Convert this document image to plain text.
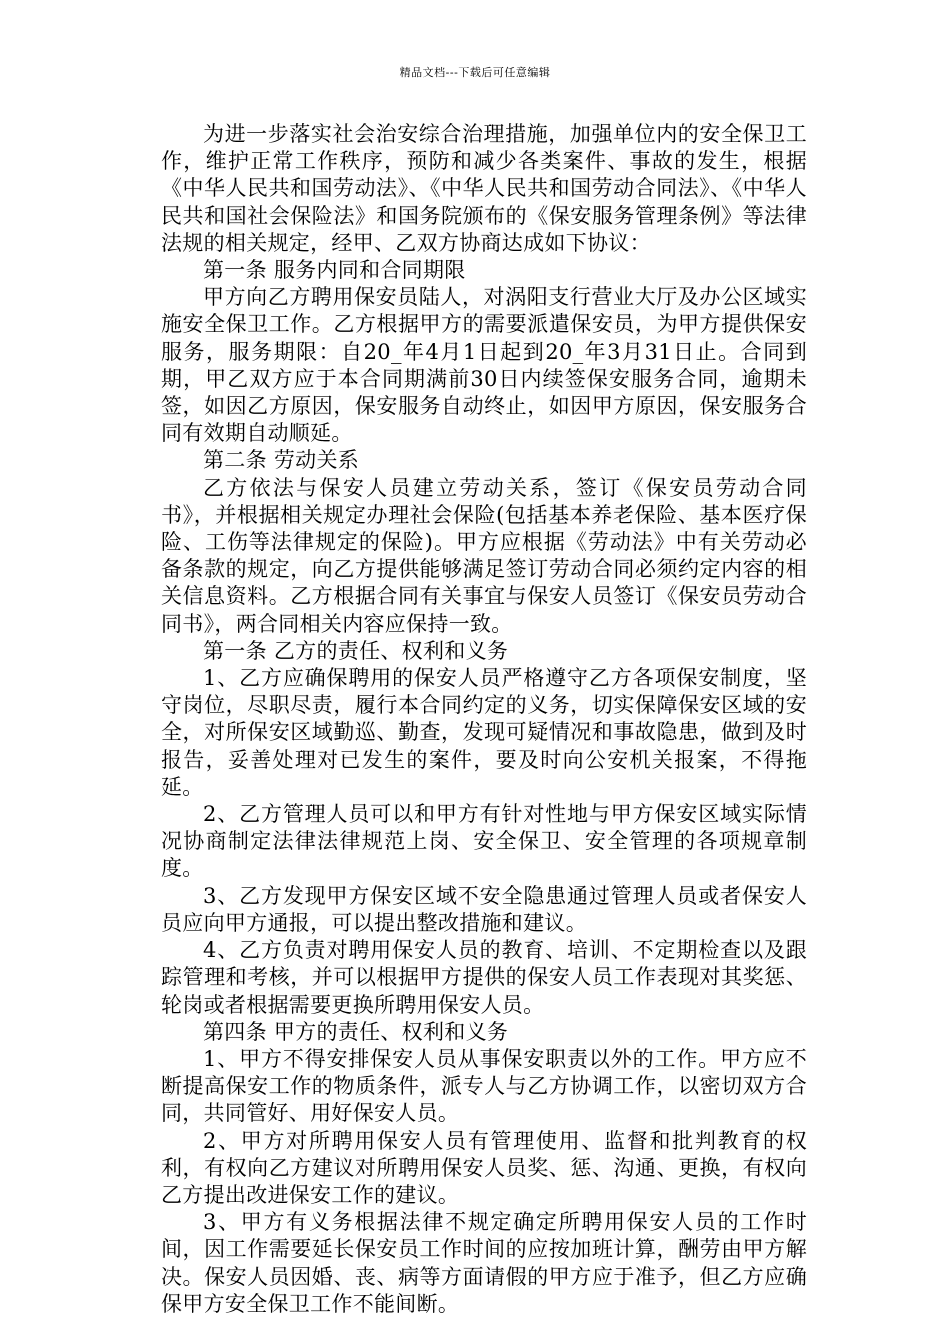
精品文档---下载后可任意编辑

为进一步落实社会治安综合治理措施，加强单位内的安全保卫工作，维护正常工作秩序，预防和减少各类案件、事故的发生，根据《中华人民共和国劳动法》、《中华人民共和国劳动合同法》、《中华人民共和国社会保险法》和国务院颁布的《保安服务管理条例》等法律法规的相关规定，经甲、乙双方协商达成如下协议：

第一条 服务内同和合同期限

甲方向乙方聘用保安员陆人，对涡阳支行营业大厅及办公区域实施安全保卫工作。乙方根据甲方的需要派遣保安员，为甲方提供保安服务，服务期限：自20_年4月1日起到20_年3月31日止。合同到期，甲乙双方应于本合同期满前30日内续签保安服务合同，逾期未签，如因乙方原因，保安服务自动终止，如因甲方原因，保安服务合同有效期自动顺延。

第二条 劳动关系

乙方依法与保安人员建立劳动关系，签订《保安员劳动合同书》，并根据相关规定办理社会保险(包括基本养老保险、基本医疗保险、工伤等法律规定的保险)。甲方应根据《劳动法》中有关劳动必备条款的规定，向乙方提供能够满足签订劳动合同必须约定内容的相关信息资料。乙方根据合同有关事宜与保安人员签订《保安员劳动合同书》，两合同相关内容应保持一致。

第一条 乙方的责任、权利和义务

1、乙方应确保聘用的保安人员严格遵守乙方各项保安制度，坚守岗位，尽职尽责，履行本合同约定的义务，切实保障保安区域的安全，对所保安区域勤巡、勤查，发现可疑情况和事故隐患，做到及时报告，妥善处理对已发生的案件，要及时向公安机关报案，不得拖延。

2、乙方管理人员可以和甲方有针对性地与甲方保安区域实际情况协商制定法律法律规范上岗、安全保卫、安全管理的各项规章制度。

3、乙方发现甲方保安区域不安全隐患通过管理人员或者保安人员应向甲方通报，可以提出整改措施和建议。

4、乙方负责对聘用保安人员的教育、培训、不定期检查以及跟踪管理和考核，并可以根据甲方提供的保安人员工作表现对其奖惩、轮岗或者根据需要更换所聘用保安人员。

第四条 甲方的责任、权利和义务

1、甲方不得安排保安人员从事保安职责以外的工作。甲方应不断提高保安工作的物质条件，派专人与乙方协调工作，以密切双方合同，共同管好、用好保安人员。

2、甲方对所聘用保安人员有管理使用、监督和批判教育的权利，有权向乙方建议对所聘用保安人员奖、惩、沟通、更换，有权向乙方提出改进保安工作的建议。

3、甲方有义务根据法律不规定确定所聘用保安人员的工作时间，因工作需要延长保安员工作时间的应按加班计算，酬劳由甲方解决。保安人员因婚、丧、病等方面请假的甲方应于准予，但乙方应确保甲方安全保卫工作不能间断。
